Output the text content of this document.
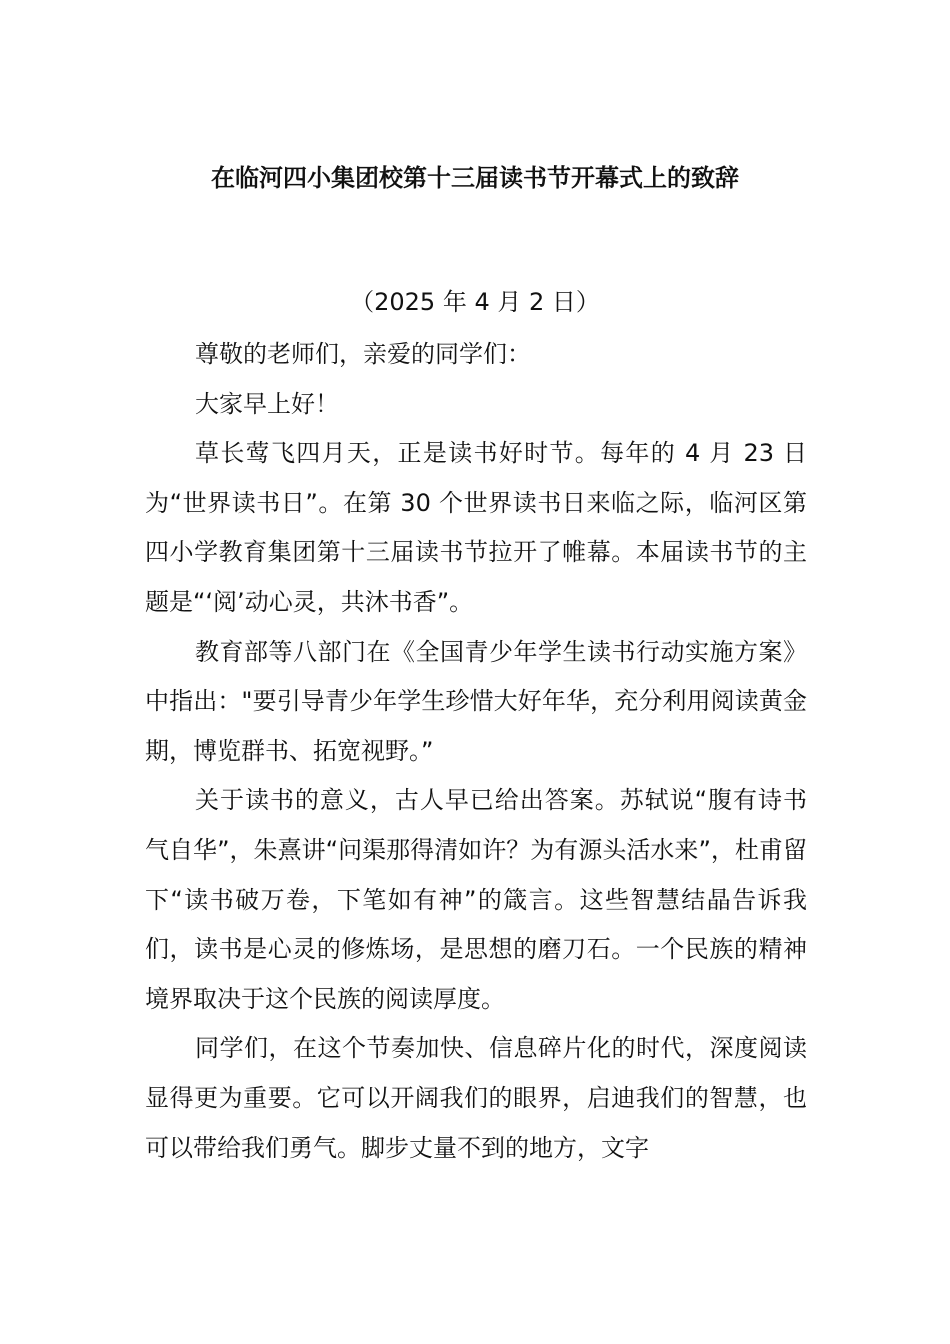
在临河四小集团校第十三届读书节开幕式上的致辞
（2025 年 4 月 2 日）

尊敬的老师们，亲爱的同学们：

大家早上好！

草长莺飞四月天，正是读书好时节。每年的 4 月 23 日为“世界读书日”。在第 30 个世界读书日来临之际，临河区第四小学教育集团第十三届读书节拉开了帷幕。本届读书节的主题是“‘阅’动心灵，共沐书香”。

教育部等八部门在《全国青少年学生读书行动实施方案》中指出："要引导青少年学生珍惜大好年华，充分利用阅读黄金期，博览群书、拓宽视野。”

关于读书的意义，古人早已给出答案。苏轼说“腹有诗书气自华”，朱熹讲“问渠那得清如许？为有源头活水来”，杜甫留下“读书破万卷，下笔如有神”的箴言。这些智慧结晶告诉我们，读书是心灵的修炼场，是思想的磨刀石。一个民族的精神境界取决于这个民族的阅读厚度。

同学们，在这个节奏加快、信息碎片化的时代，深度阅读显得更为重要。它可以开阔我们的眼界，启迪我们的智慧，也可以带给我们勇气。脚步丈量不到的地方，文字
